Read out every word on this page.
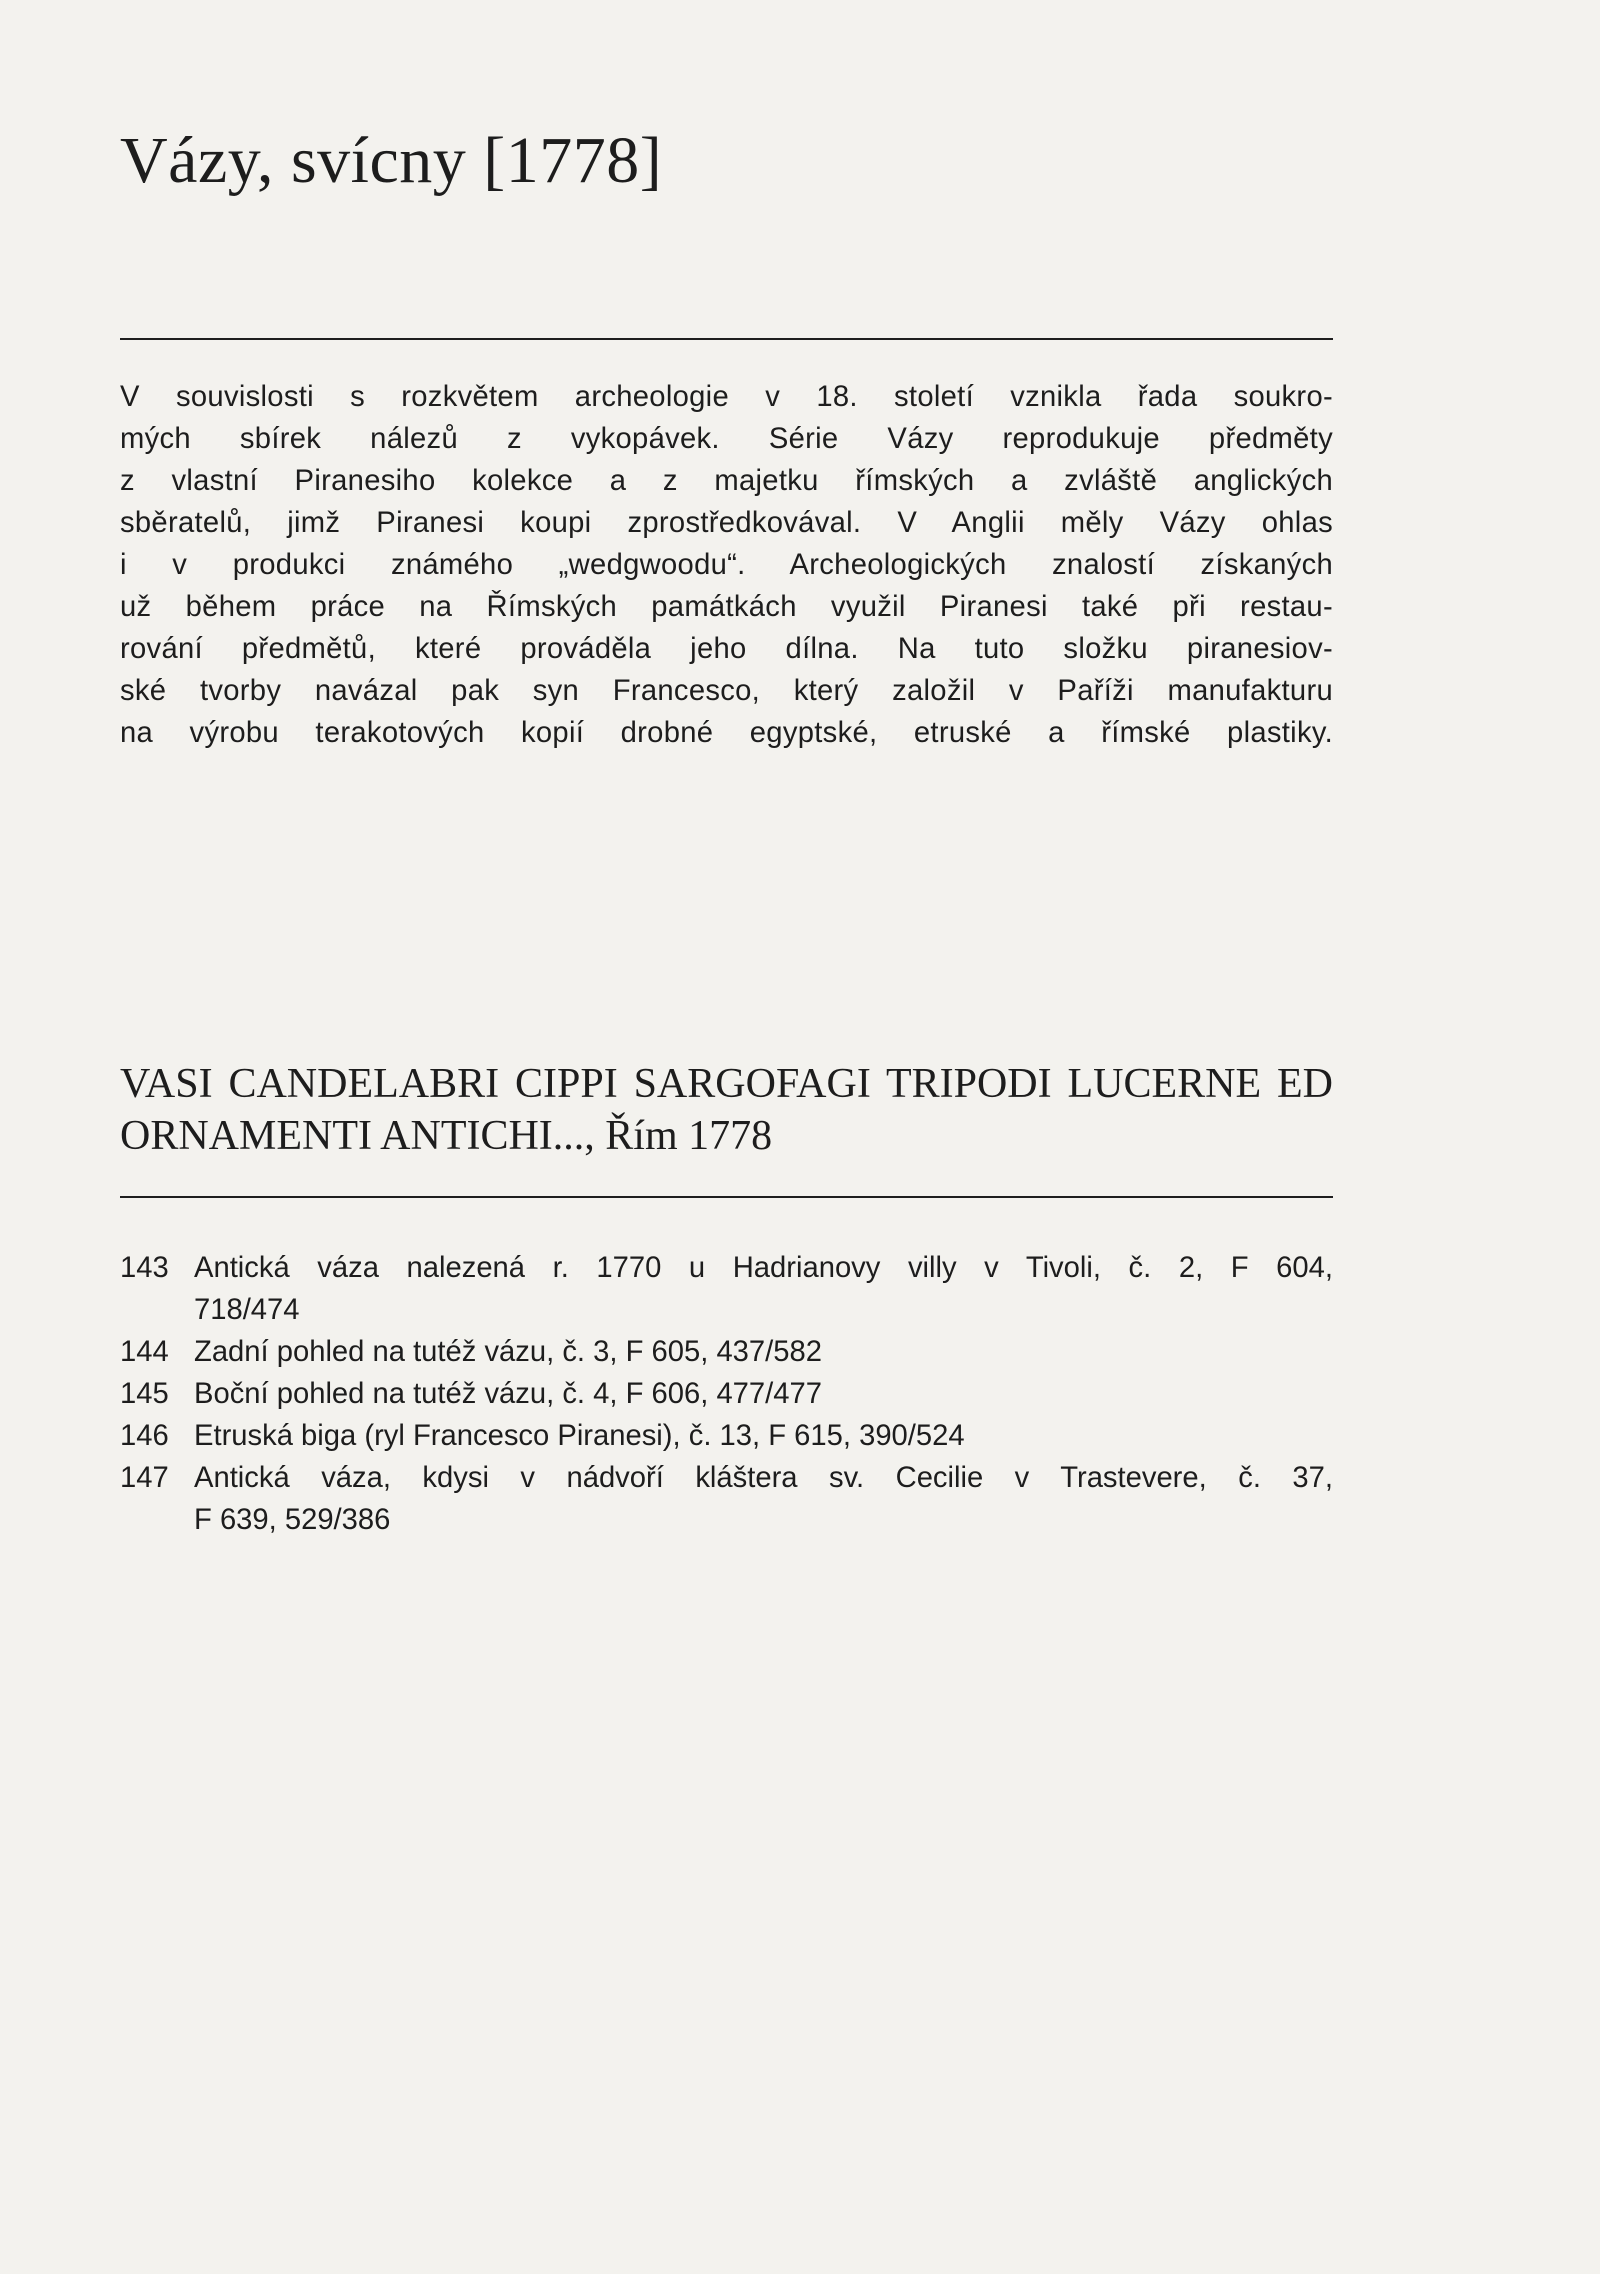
Vázy, svícny [1778]

V souvislosti s rozkvětem archeologie v 18. století vznikla řada soukro-
mých sbírek nálezů z vykopávek. Série Vázy reprodukuje předměty
z vlastní Piranesiho kolekce a z majetku římských a zvláště anglických
sběratelů, jimž Piranesi koupi zprostředkovával. V Anglii měly Vázy ohlas
i v produkci známého „wedgwoodu“. Archeologických znalostí získaných
už během práce na Římských památkách využil Piranesi také při restau-
rování předmětů, které prováděla jeho dílna. Na tuto složku piranesiov-
ské tvorby navázal pak syn Francesco, který založil v Paříži manufakturu
na výrobu terakotových kopií drobné egyptské, etruské a římské plastiky.

VASI CANDELABRI CIPPI SARGOFAGI TRIPODI LUCERNE ED
ORNAMENTI ANTICHI..., Řím 1778
143 Antická váza nalezená r. 1770 u Hadrianovy villy v Tivoli, č. 2, F 604,
718/474
144 Zadní pohled na tutéž vázu, č. 3, F 605, 437/582
145 Boční pohled na tutéž vázu, č. 4, F 606, 477/477
146 Etruská biga (ryl Francesco Piranesi), č. 13, F 615, 390/524
147 Antická váza, kdysi v nádvoří kláštera sv. Cecilie v Trastevere, č. 37,
F 639, 529/386
